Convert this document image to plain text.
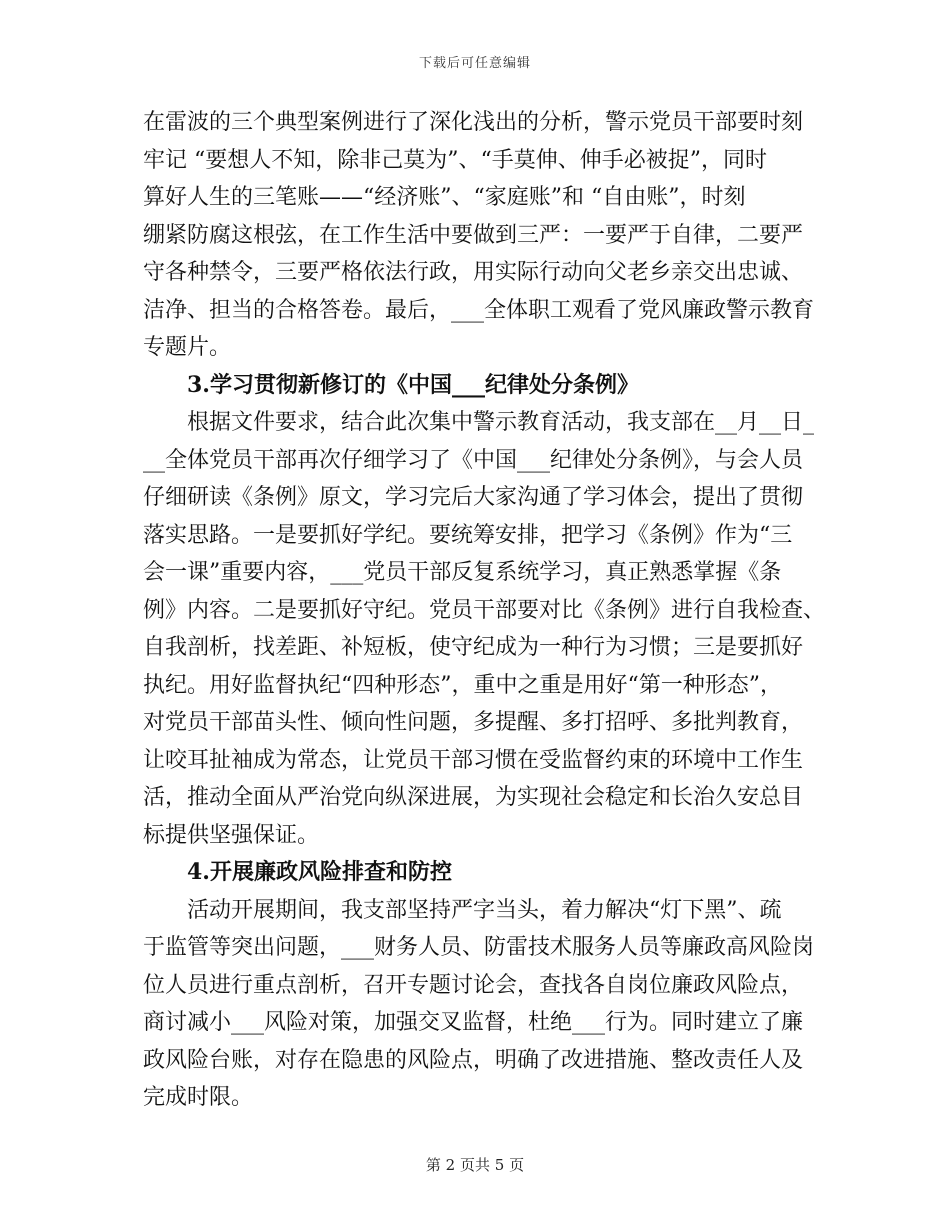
下载后可任意编辑
在雷波的三个典型案例进行了深化浅出的分析，警示党员干部要时刻
牢记 “要想人不知，除非己莫为”、“手莫伸、伸手必被捉”，同时
算好人生的三笔账——“经济账”、“家庭账”和 “自由账”，时刻
绷紧防腐这根弦，在工作生活中要做到三严：一要严于自律，二要严
守各种禁令，三要严格依法行政，用实际行动向父老乡亲交出忠诚、
洁净、担当的合格答卷。最后，___全体职工观看了党风廉政警示教育
专题片。
3.学习贯彻新修订的《中国___纪律处分条例》
根据文件要求，结合此次集中警示教育活动，我支部在__月__日_
__全体党员干部再次仔细学习了《中国___纪律处分条例》，与会人员
仔细研读《条例》原文，学习完后大家沟通了学习体会，提出了贯彻
落实思路。一是要抓好学纪。要统筹安排，把学习《条例》作为“三
会一课”重要内容，___党员干部反复系统学习，真正熟悉掌握《条
例》内容。二是要抓好守纪。党员干部要对比《条例》进行自我检查、
自我剖析，找差距、补短板，使守纪成为一种行为习惯；三是要抓好
执纪。用好监督执纪“四种形态”，重中之重是用好“第一种形态”，
对党员干部苗头性、倾向性问题，多提醒、多打招呼、多批判教育，
让咬耳扯袖成为常态，让党员干部习惯在受监督约束的环境中工作生
活，推动全面从严治党向纵深进展，为实现社会稳定和长治久安总目
标提供坚强保证。
4.开展廉政风险排查和防控
活动开展期间，我支部坚持严字当头，着力解决“灯下黑”、疏
于监管等突出问题，___财务人员、防雷技术服务人员等廉政高风险岗
位人员进行重点剖析，召开专题讨论会，查找各自岗位廉政风险点，
商讨减小___风险对策，加强交叉监督，杜绝___行为。同时建立了廉
政风险台账，对存在隐患的风险点，明确了改进措施、整改责任人及
完成时限。
第 2 页共 5 页
